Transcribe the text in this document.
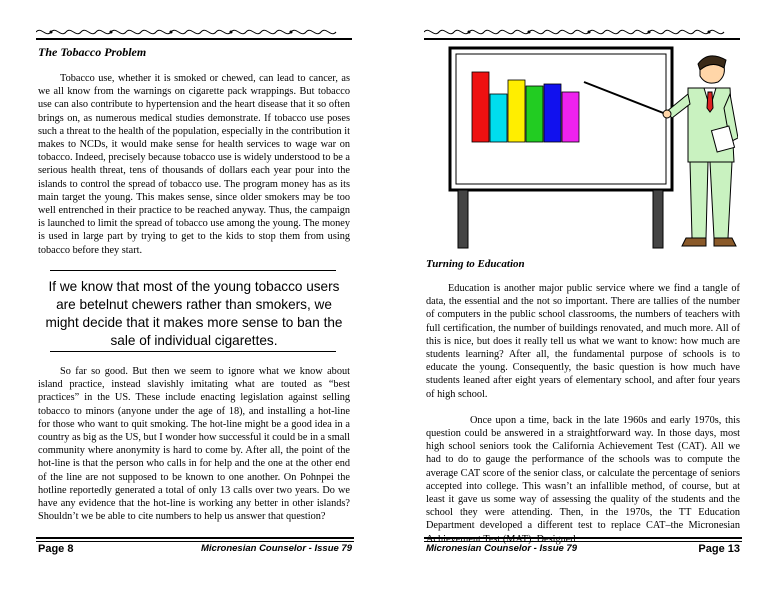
The Tobacco Problem

Tobacco use, whether it is smoked or chewed, can lead to cancer, as we all know from the warnings on cigarette pack wrappings. But tobacco use can also contribute to hypertension and the heart disease that it so often brings on, as numerous medical studies demonstrate. If tobacco use poses such a threat to the health of the population, especially in the contribution it makes to NCDs, it would make sense for health services to wage war on tobacco. Indeed, precisely because tobacco use is widely understood to be a serious health threat, tens of thousands of dollars each year pour into the islands to control the spread of tobacco use. The program money has as its main target the young. This makes sense, since older smokers may be too well entrenched in their practice to be reached anyway. Thus, the campaign is launched to limit the spread of tobacco use among the young. The money is used in large part by trying to get to the kids to stop them from using tobacco before they start.

If we know that most of the young tobacco users are betelnut chewers rather than smokers, we might decide that it makes more sense to ban the sale of individual cigarettes.

So far so good. But then we seem to ignore what we know about island practice, instead slavishly imitating what are touted as “best practices” in the US. These include enacting legislation against selling tobacco to minors (anyone under the age of 18), and installing a hot-line for those who want to quit smoking. The hot-line might be a good idea in a country as big as the US, but I wonder how successful it could be in a small community where anonymity is hard to come by. After all, the point of the hot-line is that the person who calls in for help and the one at the other end of the line are not supposed to be known to one another. On Pohnpei the hotline reportedly generated a total of only 13 calls over two years. Do we have any evidence that the hot-line is working any better in other islands? Shouldn’t we be able to cite numbers to help us answer that question?

Page 8	Micronesian Counselor - Issue 79
Turning to Education

Education is another major public service where we find a tangle of data, the essential and the not so important. There are tallies of the number of computers in the public school classrooms, the numbers of teachers with full certification, the number of buildings renovated, and much more. All of this is nice, but does it really tell us what we want to know: how much are students learning? After all, the fundamental purpose of schools is to educate the young. Consequently, the basic question is how much have students leaned after eight years of elementary school, and after four years of high school.

Once upon a time, back in the late 1960s and early 1970s, this question could be answered in a straightforward way. In those days, most high school seniors took the California Achievement Test (CAT). All we had to do to gauge the performance of the schools was to compute the average CAT score of the senior class, or calculate the percentage of seniors accepted into college. This wasn’t an infallible method, of course, but at least it gave us some way of assessing the quality of the students and the school they were attending. Then, in the 1970s, the TT Education Department developed a different test to replace CAT–the Micronesian Achievement Test (MAT). Designed

Micronesian Counselor - Issue 79	Page 13
